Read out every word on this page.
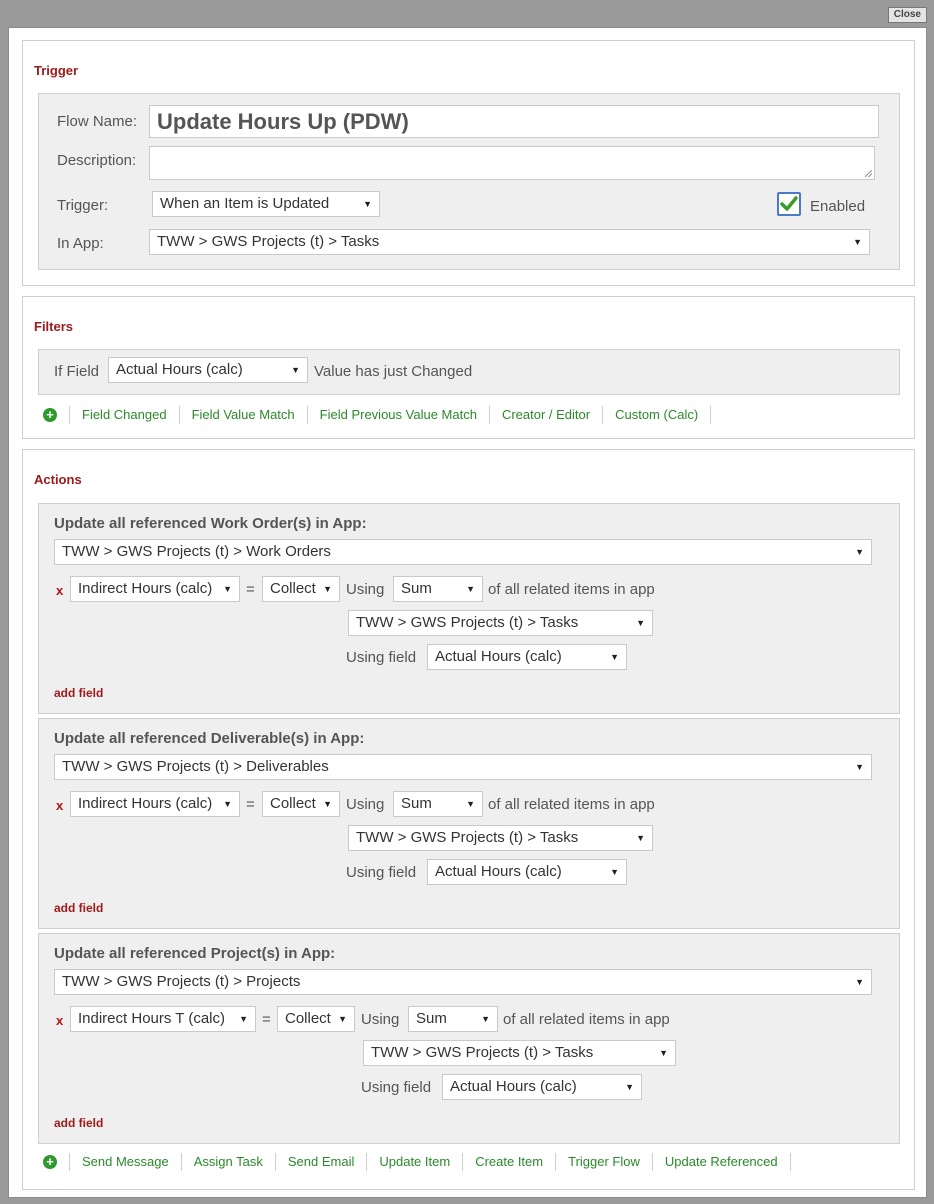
Close
Trigger
Flow Name: Update Hours Up (PDW)
Description:
Trigger:	When an Item is Updated	▼	Enabled
In App:	TWW > GWS Projects (t) > Tasks	▼
Filters
If Field	Actual Hours (calc)	▼ Value has just Changed
+	Field Changed	Field Value Match	Field Previous Value Match	Creator / Editor	Custom (Calc)
Actions
Update all referenced Work Order(s) in App:
TWW > GWS Projects (t) > Work Orders	▼
x Indirect Hours (calc) ▼ =	Collect ▼ Using	Sum	▼ of all related items in app
TWW > GWS Projects (t) > Tasks	▼
Using field	Actual Hours (calc)	▼
add field
Update all referenced Deliverable(s) in App:
TWW > GWS Projects (t) > Deliverables	▼
x Indirect Hours (calc) ▼ =	Collect ▼ Using	Sum	▼ of all related items in app
TWW > GWS Projects (t) > Tasks	▼
Using field	Actual Hours (calc)	▼
add field
Update all referenced Project(s) in App:
TWW > GWS Projects (t) > Projects	▼
x Indirect Hours T (calc) ▼ = Collect ▼ Using	Sum	▼ of all related items in app
TWW > GWS Projects (t) > Tasks	▼
Using field	Actual Hours (calc)	▼
add field
+	Send Message	Assign Task	Send Email	Update Item	Create Item	Trigger Flow	Update Referenced
